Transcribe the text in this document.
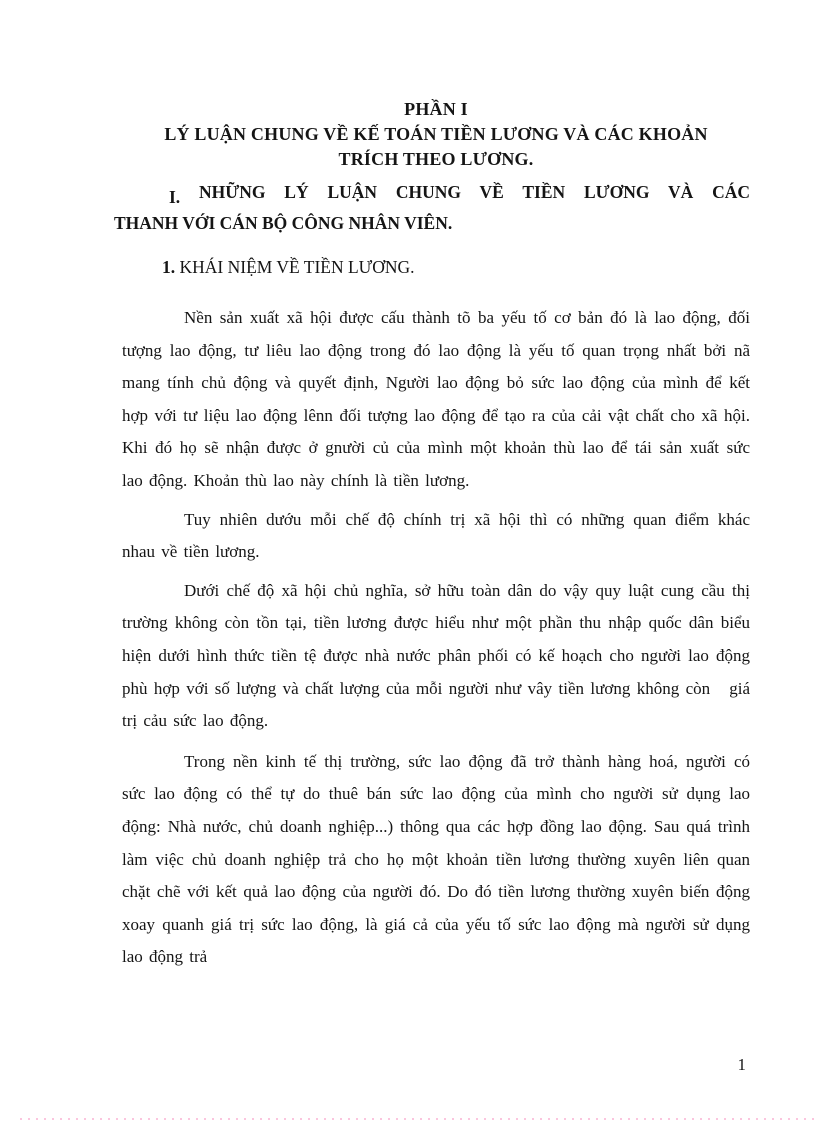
PHẦN I
LÝ LUẬN CHUNG VỀ KẾ TOÁN TIỀN LƯƠNG VÀ CÁC KHOẢN
TRÍCH THEO LƯƠNG.
I. NHỮNG LÝ LUẬN CHUNG VỀ TIỀN LƯƠNG VÀ CÁC
THANH VỚI CÁN BỘ CÔNG NHÂN VIÊN.
1. KHÁI NIỆM VỀ TIỀN LƯƠNG.

Nền sản xuất xã hội được cấu thành tõ ba yếu tố cơ bản đó là lao động, đối tượng lao động, tư liêu lao động trong đó lao động là yếu tố quan trọng nhất bởi nã mang tính chủ động và quyết định, Người lao động bỏ sức lao động của mình để kết hợp với tư liệu lao động lênn đối tượng lao động để tạo ra của cải vật chất cho xã hội. Khi đó họ sẽ nhận được ở gnười củ của mình một khoản thù lao để tái sản xuất sức lao động. Khoản thù lao này chính là tiền lương.

Tuy nhiên dướu mỗi chế độ chính trị xã hội thì có những quan điểm khác nhau về tiền lương.

Dưới chế độ xã hội chủ nghĩa, sở hữu toàn dân do vậy quy luật cung cầu thị trường không còn tồn tại, tiền lương được hiểu như một phần thu nhập quốc dân biểu hiện dưới hình thức tiền tệ được nhà nước phân phối có kế hoạch cho người lao động phù hợp với số lượng và chất lượng của mỗi người như vây tiền lương không còn   giá trị cảu sức lao động.

Trong nền kinh tế thị trường, sức lao động đã trở thành hàng hoá, người có sức lao động có thể tự do thuê bán sức lao động của mình cho người sử dụng lao động: Nhà nước, chủ doanh nghiệp...) thông qua các hợp đồng lao động. Sau quá trình làm việc chủ doanh nghiệp trả cho họ một khoản tiền lương thường xuyên liên quan chặt chẽ với kết quả lao động của người đó. Do đó tiền lương thường xuyên biến động xoay quanh giá trị sức lao động, là giá cả của yếu tố sức lao động mà người sử dụng lao động trả

1
